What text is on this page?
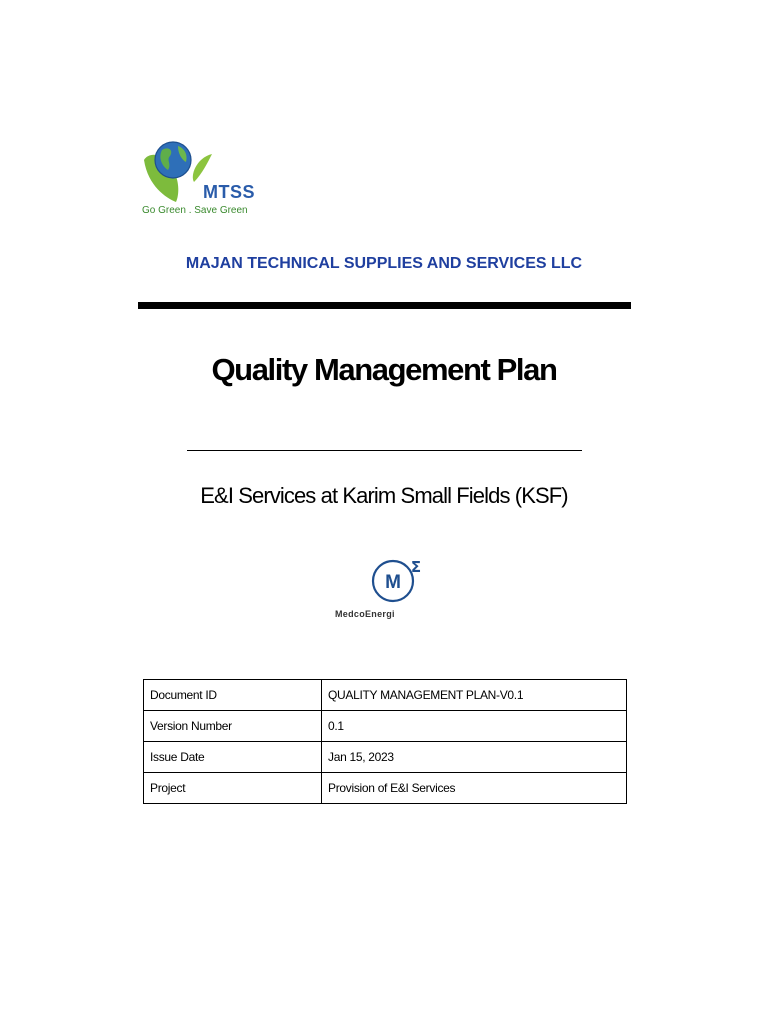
MTSS
Go Green . Save Green
MAJAN TECHNICAL SUPPLIES AND SERVICES LLC
Quality Management Plan
E&I Services at Karim Small Fields (KSF)
M
Σ
MedcoEnergi
Document ID	QUALITY MANAGEMENT PLAN-V0.1
Version Number	0.1
Issue Date	Jan 15, 2023
Project	Provision of E&I Services
